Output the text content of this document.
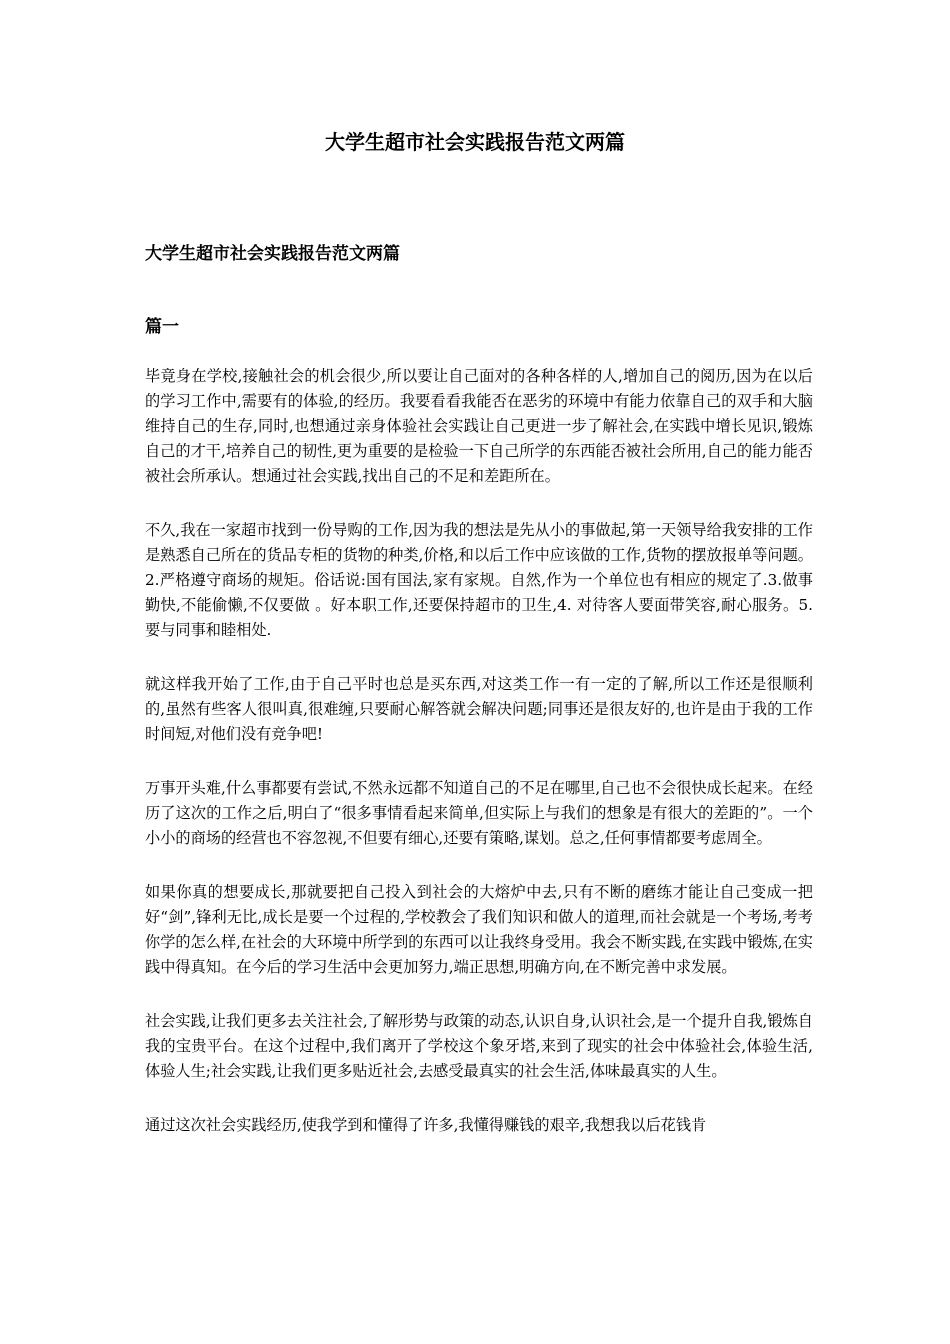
大学生超市社会实践报告范文两篇
大学生超市社会实践报告范文两篇
篇一

毕竟身在学校,接触社会的机会很少,所以要让自己面对的各种各样的人,增加自己的阅历,因为在以后的学习工作中,需要有的体验,的经历。我要看看我能否在恶劣的环境中有能力依靠自己的双手和大脑维持自己的生存,同时,也想通过亲身体验社会实践让自己更进一步了解社会,在实践中增长见识,锻炼自己的才干,培养自己的韧性,更为重要的是检验一下自己所学的东西能否被社会所用,自己的能力能否被社会所承认。想通过社会实践,找出自己的不足和差距所在。

不久,我在一家超市找到一份导购的工作,因为我的想法是先从小的事做起,第一天领导给我安排的工作是熟悉自己所在的货品专柜的货物的种类,价格,和以后工作中应该做的工作,货物的摆放报单等问题。2.严格遵守商场的规矩。俗话说:国有国法,家有家规。自然,作为一个单位也有相应的规定了.3.做事勤快,不能偷懒,不仅要做 。好本职工作,还要保持超市的卫生,4. 对待客人要面带笑容,耐心服务。5. 要与同事和睦相处.

就这样我开始了工作,由于自己平时也总是买东西,对这类工作一有一定的了解,所以工作还是很顺利的,虽然有些客人很叫真,很难缠,只要耐心解答就会解决问题;同事还是很友好的,也许是由于我的工作时间短,对他们没有竞争吧!

万事开头难,什么事都要有尝试,不然永远都不知道自己的不足在哪里,自己也不会很快成长起来。在经历了这次的工作之后,明白了“很多事情看起来简单,但实际上与我们的想象是有很大的差距的”。一个小小的商场的经营也不容忽视,不但要有细心,还要有策略,谋划。总之,任何事情都要考虑周全。

如果你真的想要成长,那就要把自己投入到社会的大熔炉中去,只有不断的磨练才能让自己变成一把好“剑”,锋利无比,成长是要一个过程的,学校教会了我们知识和做人的道理,而社会就是一个考场,考考你学的怎么样,在社会的大环境中所学到的东西可以让我终身受用。我会不断实践,在实践中锻炼,在实践中得真知。在今后的学习生活中会更加努力,端正思想,明确方向,在不断完善中求发展。

社会实践,让我们更多去关注社会,了解形势与政策的动态,认识自身,认识社会,是一个提升自我,锻炼自我的宝贵平台。在这个过程中,我们离开了学校这个象牙塔,来到了现实的社会中体验社会,体验生活,体验人生;社会实践,让我们更多贴近社会,去感受最真实的社会生活,体味最真实的人生。

通过这次社会实践经历,使我学到和懂得了许多,我懂得赚钱的艰辛,我想我以后花钱肯
